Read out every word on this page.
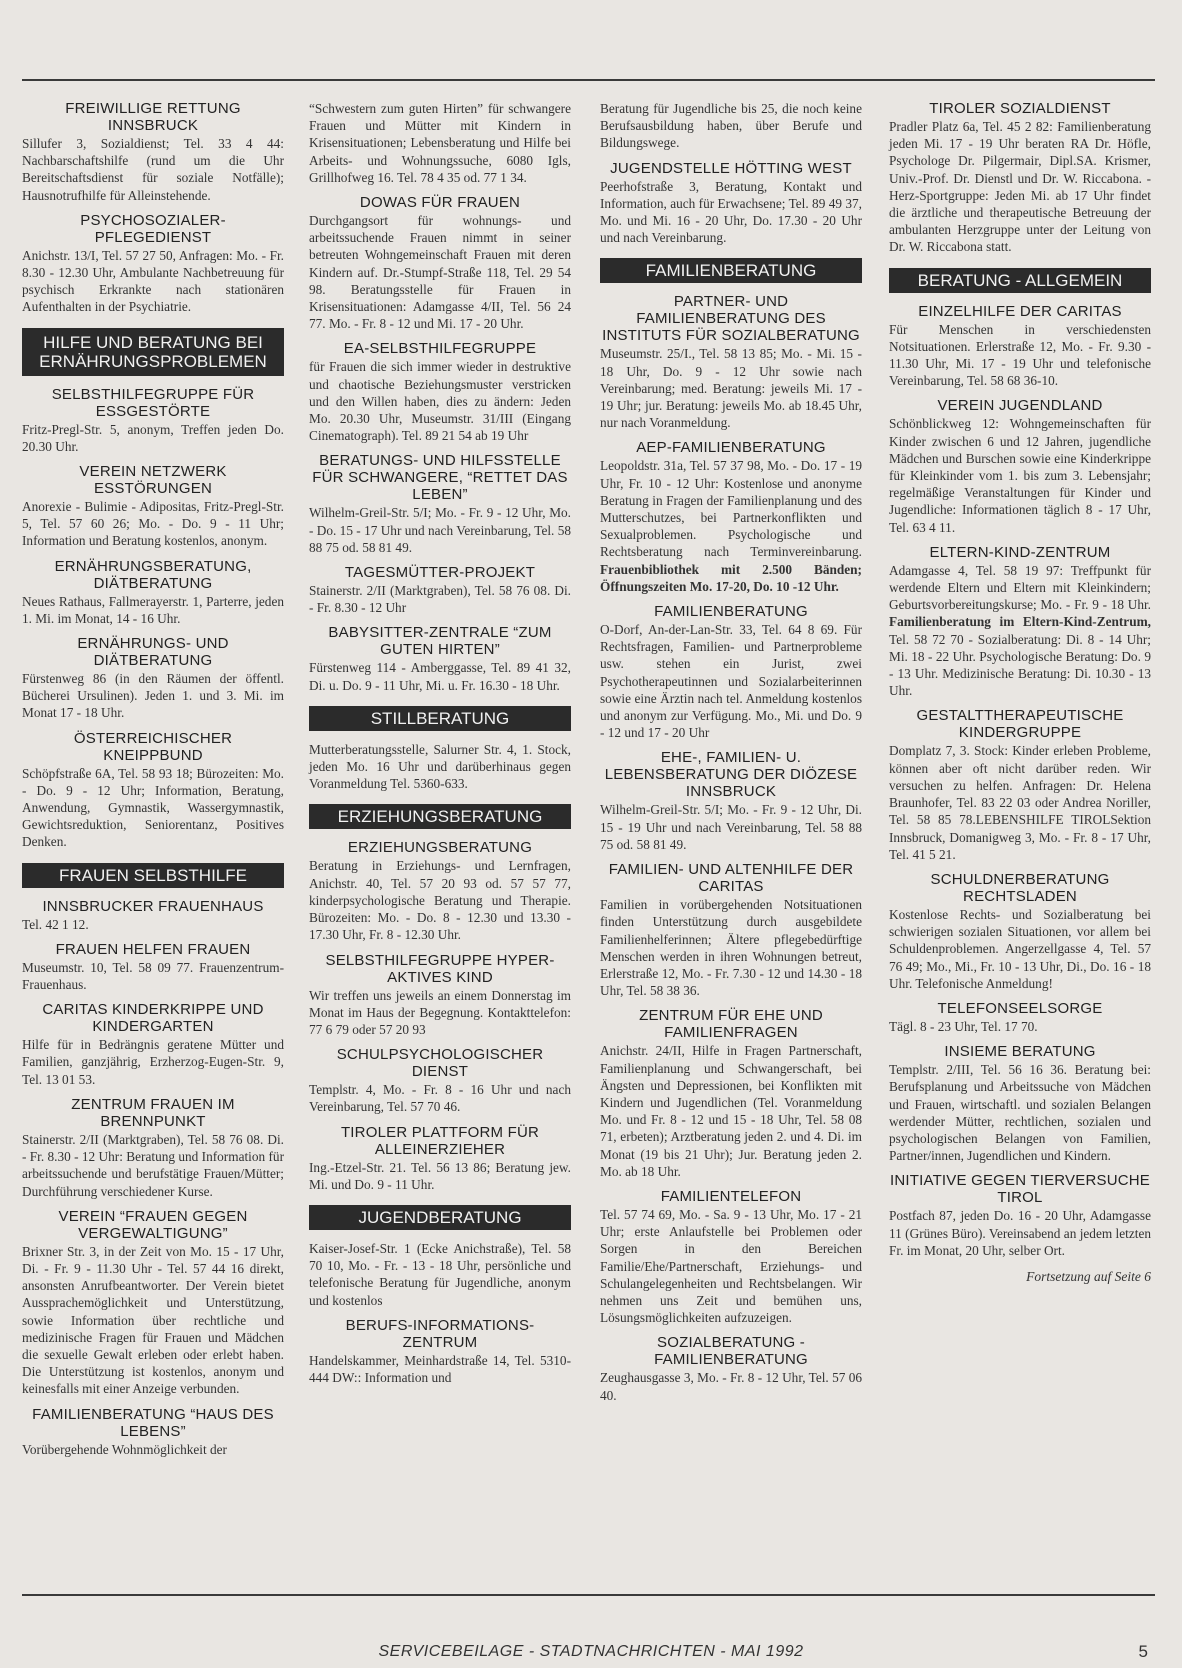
FREIWILLIGE RETTUNG INNSBRUCK
Sillufer 3, Sozialdienst; Tel. 33 4 44: Nachbarschaftshilfe (rund um die Uhr Bereitschaftsdienst für soziale Notfälle); Hausnotrufhilfe für Alleinstehende.
PSYCHOSOZIALER-PFLEGEDIENST
Anichstr. 13/I, Tel. 57 27 50, Anfragen: Mo. - Fr. 8.30 - 12.30 Uhr, Ambulante Nachbetreuung für psychisch Erkrankte nach stationären Aufenthalten in der Psychiatrie.
HILFE UND BERATUNG BEI ERNÄHRUNGSPROBLEMEN
SELBSTHILFEGRUPPE FÜR ESSGESTÖRTE
Fritz-Pregl-Str. 5, anonym, Treffen jeden Do. 20.30 Uhr.
VEREIN NETZWERK ESSTÖRUNGEN
Anorexie - Bulimie - Adipositas, Fritz-Pregl-Str. 5, Tel. 57 60 26; Mo. - Do. 9 - 11 Uhr; Information und Beratung kostenlos, anonym.
ERNÄHRUNGSBERATUNG, DIÄTBERATUNG
Neues Rathaus, Fallmerayerstr. 1, Parterre, jeden 1. Mi. im Monat, 14 - 16 Uhr.
ERNÄHRUNGS- UND DIÄTBERATUNG
Fürstenweg 86 (in den Räumen der öffentl. Bücherei Ursulinen). Jeden 1. und 3. Mi. im Monat 17 - 18 Uhr.
ÖSTERREICHISCHER KNEIPPBUND
Schöpfstraße 6A, Tel. 58 93 18; Bürozeiten: Mo. - Do. 9 - 12 Uhr; Information, Beratung, Anwendung, Gymnastik, Wassergymnastik, Gewichtsreduktion, Seniorentanz, Positives Denken.
FRAUEN SELBSTHILFE
INNSBRUCKER FRAUENHAUS
Tel. 42 1 12.
FRAUEN HELFEN FRAUEN
Museumstr. 10, Tel. 58 09 77. Frauenzentrum-Frauenhaus.
CARITAS KINDERKRIPPE UND KINDERGARTEN
Hilfe für in Bedrängnis geratene Mütter und Familien, ganzjährig, Erzherzog-Eugen-Str. 9, Tel. 13 01 53.
ZENTRUM FRAUEN IM BRENNPUNKT
Stainerstr. 2/II (Marktgraben), Tel. 58 76 08. Di. - Fr. 8.30 - 12 Uhr: Beratung und Information für arbeitssuchende und berufstätige Frauen/Mütter; Durchführung verschiedener Kurse.
VEREIN “FRAUEN GEGEN VERGEWALTIGUNG”
Brixner Str. 3, in der Zeit von Mo. 15 - 17 Uhr, Di. - Fr. 9 - 11.30 Uhr - Tel. 57 44 16 direkt, ansonsten Anrufbeantworter. Der Verein bietet Aussprachemöglichkeit und Unterstützung, sowie Information über rechtliche und medizinische Fragen für Frauen und Mädchen die sexuelle Gewalt erleben oder erlebt haben. Die Unterstützung ist kostenlos, anonym und keinesfalls mit einer Anzeige verbunden.
FAMILIENBERATUNG “HAUS DES LEBENS”
Vorübergehende Wohnmöglichkeit der
“Schwestern zum guten Hirten” für schwangere Frauen und Mütter mit Kindern in Krisensituationen; Lebensberatung und Hilfe bei Arbeits- und Wohnungssuche, 6080 Igls, Grillhofweg 16. Tel. 78 4 35 od. 77 1 34.
DOWAS FÜR FRAUEN
Durchgangsort für wohnungs- und arbeitssuchende Frauen nimmt in seiner betreuten Wohngemeinschaft Frauen mit deren Kindern auf. Dr.-Stumpf-Straße 118, Tel. 29 54 98. Beratungsstelle für Frauen in Krisensituationen: Adamgasse 4/II, Tel. 56 24 77. Mo. - Fr. 8 - 12 und Mi. 17 - 20 Uhr.
EA-SELBSTHILFEGRUPPE
für Frauen die sich immer wieder in destruktive und chaotische Beziehungsmuster verstricken und den Willen haben, dies zu ändern: Jeden Mo. 20.30 Uhr, Museumstr. 31/III (Eingang Cinematograph). Tel. 89 21 54 ab 19 Uhr
BERATUNGS- UND HILFSSTELLE FÜR SCHWANGERE, “RETTET DAS LEBEN”
Wilhelm-Greil-Str. 5/I; Mo. - Fr. 9 - 12 Uhr, Mo. - Do. 15 - 17 Uhr und nach Vereinbarung, Tel. 58 88 75 od. 58 81 49.
TAGESMÜTTER-PROJEKT
Stainerstr. 2/II (Marktgraben), Tel. 58 76 08. Di. - Fr. 8.30 - 12 Uhr
BABYSITTER-ZENTRALE “ZUM GUTEN HIRTEN”
Fürstenweg 114 - Amberggasse, Tel. 89 41 32, Di. u. Do. 9 - 11 Uhr, Mi. u. Fr. 16.30 - 18 Uhr.
STILLBERATUNG
Mutterberatungsstelle, Salurner Str. 4, 1. Stock, jeden Mo. 16 Uhr und darüberhinaus gegen Voranmeldung Tel. 5360-633.
ERZIEHUNGSBERATUNG
ERZIEHUNGSBERATUNG
Beratung in Erziehungs- und Lernfragen, Anichstr. 40, Tel. 57 20 93 od. 57 57 77, kinderpsychologische Beratung und Therapie. Bürozeiten: Mo. - Do. 8 - 12.30 und 13.30 - 17.30 Uhr, Fr. 8 - 12.30 Uhr.
SELBSTHILFEGRUPPE HYPER-AKTIVES KIND
Wir treffen uns jeweils an einem Donnerstag im Monat im Haus der Begegnung. Kontakttelefon: 77 6 79 oder 57 20 93
SCHULPSYCHOLOGISCHER DIENST
Templstr. 4, Mo. - Fr. 8 - 16 Uhr und nach Vereinbarung, Tel. 57 70 46.
TIROLER PLATTFORM FÜR ALLEINERZIEHER
Ing.-Etzel-Str. 21. Tel. 56 13 86; Beratung jew. Mi. und Do. 9 - 11 Uhr.
JUGENDBERATUNG
Kaiser-Josef-Str. 1 (Ecke Anichstraße), Tel. 58 70 10, Mo. - Fr. - 13 - 18 Uhr, persönliche und telefonische Beratung für Jugendliche, anonym und kostenlos
BERUFS-INFORMATIONS-ZENTRUM
Handelskammer, Meinhardstraße 14, Tel. 5310-444 DW:: Information und
Beratung für Jugendliche bis 25, die noch keine Berufsausbildung haben, über Berufe und Bildungswege.
JUGENDSTELLE HÖTTING WEST
Peerhofstraße 3, Beratung, Kontakt und Information, auch für Erwachsene; Tel. 89 49 37, Mo. und Mi. 16 - 20 Uhr, Do. 17.30 - 20 Uhr und nach Vereinbarung.
FAMILIENBERATUNG
PARTNER- UND FAMILIENBERATUNG DES INSTITUTS FÜR SOZIALBERATUNG
Museumstr. 25/I., Tel. 58 13 85; Mo. - Mi. 15 - 18 Uhr, Do. 9 - 12 Uhr sowie nach Vereinbarung; med. Beratung: jeweils Mi. 17 - 19 Uhr; jur. Beratung: jeweils Mo. ab 18.45 Uhr, nur nach Voranmeldung.
AEP-FAMILIENBERATUNG
Leopoldstr. 31a, Tel. 57 37 98, Mo. - Do. 17 - 19 Uhr, Fr. 10 - 12 Uhr: Kostenlose und anonyme Beratung in Fragen der Familienplanung und des Mutterschutzes, bei Partnerkonflikten und Sexualproblemen. Psychologische und Rechtsberatung nach Terminvereinbarung. Frauenbibliothek mit 2.500 Bänden; Öffnungszeiten Mo. 17-20, Do. 10 -12 Uhr.
FAMILIENBERATUNG
O-Dorf, An-der-Lan-Str. 33, Tel. 64 8 69. Für Rechtsfragen, Familien- und Partnerprobleme usw. stehen ein Jurist, zwei Psychotherapeutinnen und Sozialarbeiterinnen sowie eine Ärztin nach tel. Anmeldung kostenlos und anonym zur Verfügung. Mo., Mi. und Do. 9 - 12 und 17 - 20 Uhr
EHE-, FAMILIEN- U. LEBENSBERATUNG DER DIÖZESE INNSBRUCK
Wilhelm-Greil-Str. 5/I; Mo. - Fr. 9 - 12 Uhr, Di. 15 - 19 Uhr und nach Vereinbarung, Tel. 58 88 75 od. 58 81 49.
FAMILIEN- UND ALTENHILFE DER CARITAS
Familien in vorübergehenden Notsituationen finden Unterstützung durch ausgebildete Familienhelferinnen; Ältere pflegebedürftige Menschen werden in ihren Wohnungen betreut, Erlerstraße 12, Mo. - Fr. 7.30 - 12 und 14.30 - 18 Uhr, Tel. 58 38 36.
ZENTRUM FÜR EHE UND FAMILIENFRAGEN
Anichstr. 24/II, Hilfe in Fragen Partnerschaft, Familienplanung und Schwangerschaft, bei Ängsten und Depressionen, bei Konflikten mit Kindern und Jugendlichen (Tel. Voranmeldung Mo. und Fr. 8 - 12 und 15 - 18 Uhr, Tel. 58 08 71, erbeten); Arztberatung jeden 2. und 4. Di. im Monat (19 bis 21 Uhr); Jur. Beratung jeden 2. Mo. ab 18 Uhr.
FAMILIENTELEFON
Tel. 57 74 69, Mo. - Sa. 9 - 13 Uhr, Mo. 17 - 21 Uhr; erste Anlaufstelle bei Problemen oder Sorgen in den Bereichen Familie/Ehe/Partnerschaft, Erziehungs- und Schulangelegenheiten und Rechtsbelangen. Wir nehmen uns Zeit und bemühen uns, Lösungsmöglichkeiten aufzuzeigen.
SOZIALBERATUNG - FAMILIENBERATUNG
Zeughausgasse 3, Mo. - Fr. 8 - 12 Uhr, Tel. 57 06 40.
TIROLER SOZIALDIENST
Pradler Platz 6a, Tel. 45 2 82: Familienberatung jeden Mi. 17 - 19 Uhr beraten RA Dr. Höfle, Psychologe Dr. Pilgermair, Dipl.SA. Krismer, Univ.-Prof. Dr. Dienstl und Dr. W. Riccabona. - Herz-Sportgruppe: Jeden Mi. ab 17 Uhr findet die ärztliche und therapeutische Betreuung der ambulanten Herzgruppe unter der Leitung von Dr. W. Riccabona statt.
BERATUNG - ALLGEMEIN
EINZELHILFE DER CARITAS
Für Menschen in verschiedensten Notsituationen. Erlerstraße 12, Mo. - Fr. 9.30 - 11.30 Uhr, Mi. 17 - 19 Uhr und telefonische Vereinbarung, Tel. 58 68 36-10.
VEREIN JUGENDLAND
Schönblickweg 12: Wohngemeinschaften für Kinder zwischen 6 und 12 Jahren, jugendliche Mädchen und Burschen sowie eine Kinderkrippe für Kleinkinder vom 1. bis zum 3. Lebensjahr; regelmäßige Veranstaltungen für Kinder und Jugendliche: Informationen täglich 8 - 17 Uhr, Tel. 63 4 11.
ELTERN-KIND-ZENTRUM
Adamgasse 4, Tel. 58 19 97: Treffpunkt für werdende Eltern und Eltern mit Kleinkindern; Geburtsvorbereitungskurse; Mo. - Fr. 9 - 18 Uhr. Familienberatung im Eltern-Kind-Zentrum, Tel. 58 72 70 - Sozialberatung: Di. 8 - 14 Uhr; Mi. 18 - 22 Uhr. Psychologische Beratung: Do. 9 - 13 Uhr. Medizinische Beratung: Di. 10.30 - 13 Uhr.
GESTALTTHERAPEUTISCHE KINDERGRUPPE
Domplatz 7, 3. Stock: Kinder erleben Probleme, können aber oft nicht darüber reden. Wir versuchen zu helfen. Anfragen: Dr. Helena Braunhofer, Tel. 83 22 03 oder Andrea Noriller, Tel. 58 85 78.LEBENSHILFE TIROLSektion Innsbruck, Domanigweg 3, Mo. - Fr. 8 - 17 Uhr, Tel. 41 5 21.
SCHULDNERBERATUNG RECHTSLADEN
Kostenlose Rechts- und Sozialberatung bei schwierigen sozialen Situationen, vor allem bei Schuldenproblemen. Angerzellgasse 4, Tel. 57 76 49; Mo., Mi., Fr. 10 - 13 Uhr, Di., Do. 16 - 18 Uhr. Telefonische Anmeldung!
TELEFONSEELSORGE
Tägl. 8 - 23 Uhr, Tel. 17 70.
INSIEME BERATUNG
Templstr. 2/III, Tel. 56 16 36. Beratung bei: Berufsplanung und Arbeitssuche von Mädchen und Frauen, wirtschaftl. und sozialen Belangen werdender Mütter, rechtlichen, sozialen und psychologischen Belangen von Familien, Partner/innen, Jugendlichen und Kindern.
INITIATIVE GEGEN TIERVERSUCHE TIROL
Postfach 87, jeden Do. 16 - 20 Uhr, Adamgasse 11 (Grünes Büro). Vereinsabend an jedem letzten Fr. im Monat, 20 Uhr, selber Ort.
Fortsetzung auf Seite 6
SERVICEBEILAGE - STADTNACHRICHTEN - MAI 1992	5
